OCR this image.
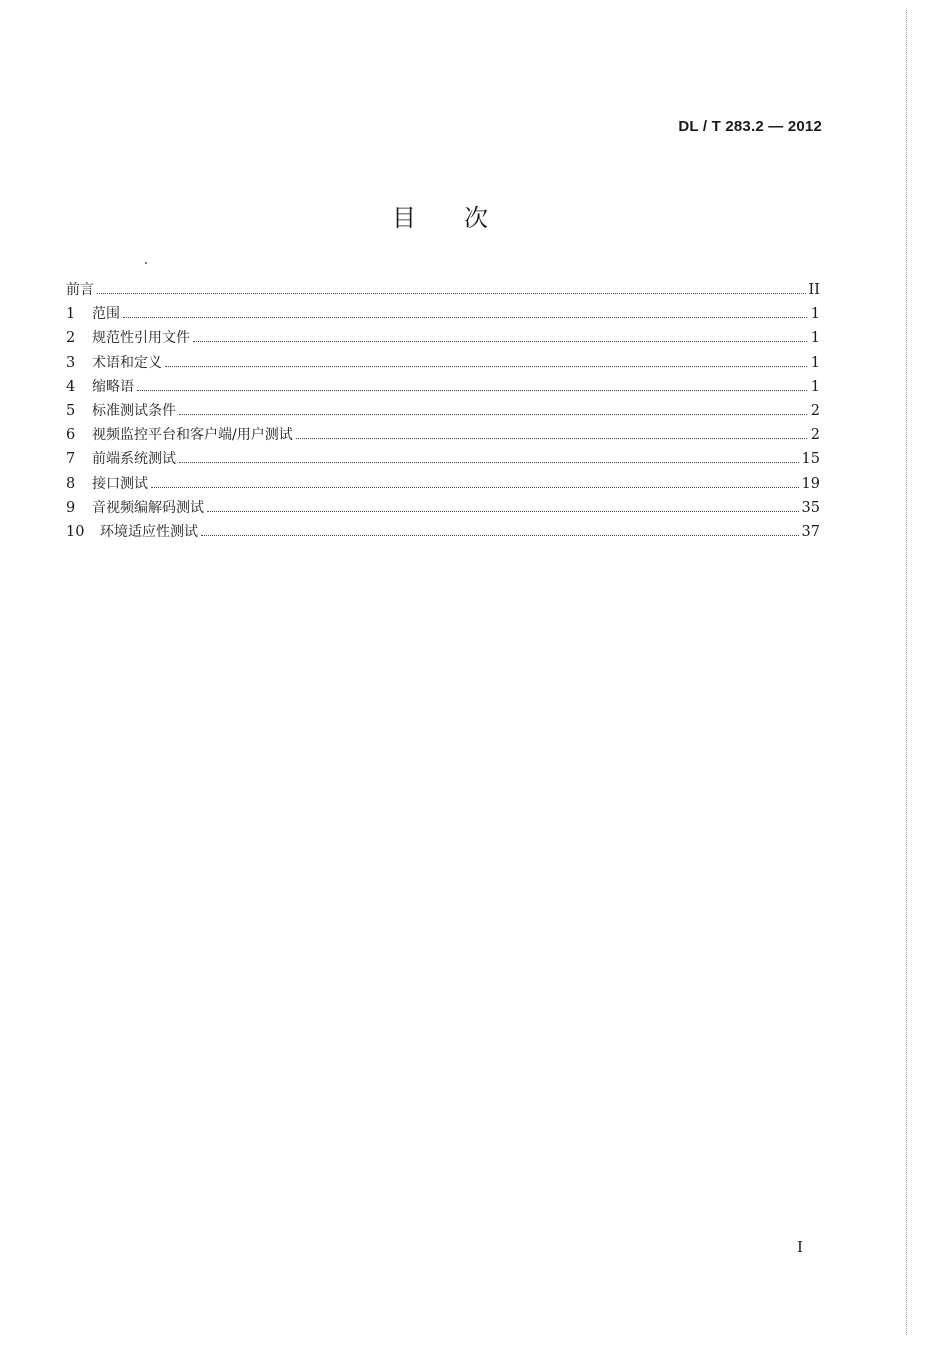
DL / T 283.2 — 2012
目 次
前言	II
1	范围	1
2	规范性引用文件	1
3	术语和定义	1
4	缩略语	1
5	标准测试条件	2
6	视频监控平台和客户端/用户测试	2
7	前端系统测试	15
8	接口测试	19
9	音视频编解码测试	35
10	环境适应性测试	37
I
